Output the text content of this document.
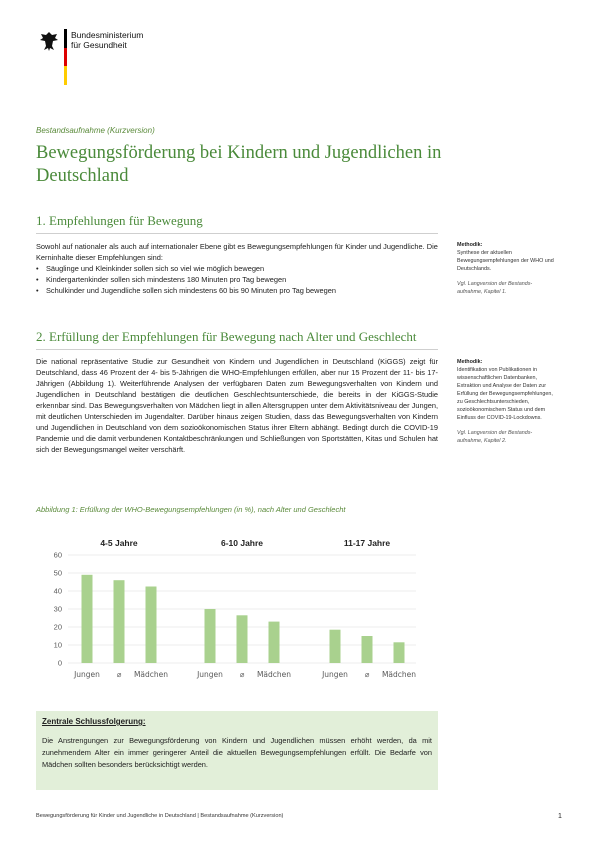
Bundesministerium
für Gesundheit
Bestandsaufnahme (Kurzversion)
Bewegungsförderung bei Kindern und Jugendlichen in Deutschland
1. Empfehlungen für Bewegung
Sowohl auf nationaler als auch auf internationaler Ebene gibt es Bewegungsempfehlungen für Kinder und Jugendliche. Die Kerninhalte dieser Empfehlungen sind:
• Säuglinge und Kleinkinder sollen sich so viel wie möglich bewegen
• Kindergartenkinder sollen sich mindestens 180 Minuten pro Tag bewegen
• Schulkinder und Jugendliche sollen sich mindestens 60 bis 90 Minuten pro Tag bewegen
Methodik:
Synthese der aktuellen Bewegungsempfehlungen der WHO und Deutschlands.
Vgl. Langversion der Bestands-aufnahme, Kapitel 1.
2. Erfüllung der Empfehlungen für Bewegung nach Alter und Geschlecht
Die national repräsentative Studie zur Gesundheit von Kindern und Jugendlichen in Deutschland (KiGGS) zeigt für Deutschland, dass 46 Prozent der 4- bis 5-Jährigen die WHO-Empfehlungen erfüllen, aber nur 15 Prozent der 11- bis 17-Jährigen (Abbildung 1). Weiterführende Analysen der verfügbaren Daten zum Bewegungsverhalten von Kindern und Jugendlichen in Deutschland bestätigen die deutlichen Geschlechtsunterschiede, die bereits in der KiGGS-Studie erkennbar sind. Das Bewegungsverhalten von Mädchen liegt in allen Altersgruppen unter dem Aktivitätsniveau der Jungen, mit deutlichen Unterschieden im Jugendalter. Darüber hinaus zeigen Studien, dass das Bewegungsverhalten von Kindern und Jugendlichen in Deutschland von dem sozioökonomischen Status ihrer Eltern abhängt. Bedingt durch die COVID-19 Pandemie und die damit verbundenen Kontaktbeschränkungen und Schließungen von Sportstätten, Kitas und Schulen hat sich der Bewegungsmangel weiter verschärft.
Methodik:
Identifikation von Publikationen in wissenschaftlichen Datenbanken, Extraktion und Analyse der Daten zur Erfüllung der Bewegungsempfehlungen, zu Geschlechtsunterschieden, sozioökonomischem Status und dem Einfluss der COVID-19-Lockdowns.
Vgl. Langversion der Bestands-aufnahme, Kapitel 2.
Abbildung 1: Erfüllung der WHO-Bewegungsempfehlungen (in %), nach Alter und Geschlecht
0
10
20
30
40
50
60
4-5 Jahre
Jungen ⌀ Mädchen
6-10 Jahre
Jungen ⌀ Mädchen
11-17 Jahre
Jungen ⌀ Mädchen
Zentrale Schlussfolgerung:
Die Anstrengungen zur Bewegungsförderung von Kindern und Jugendlichen müssen erhöht werden, da mit zunehmendem Alter ein immer geringerer Anteil die aktuellen Bewegungsempfehlungen erfüllt. Die Bedarfe von Mädchen sollten besonders berücksichtigt werden.
Bewegungsförderung für Kinder und Jugendliche in Deutschland | Bestandsaufnahme (Kurzversion)	1
